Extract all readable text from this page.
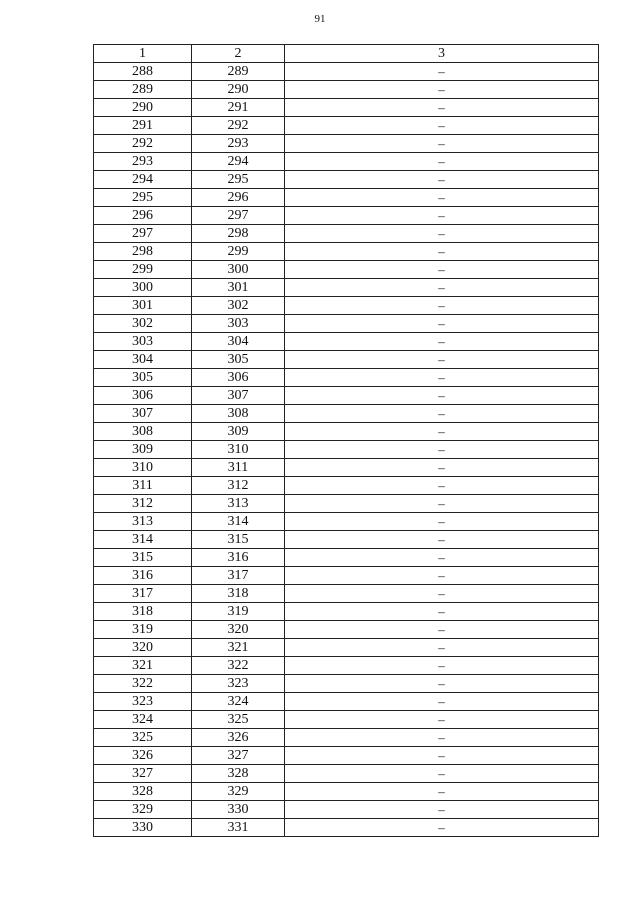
91
1	2	3
288	289	–
289	290	–
290	291	–
291	292	–
292	293	–
293	294	–
294	295	–
295	296	–
296	297	–
297	298	–
298	299	–
299	300	–
300	301	–
301	302	–
302	303	–
303	304	–
304	305	–
305	306	–
306	307	–
307	308	–
308	309	–
309	310	–
310	311	–
311	312	–
312	313	–
313	314	–
314	315	–
315	316	–
316	317	–
317	318	–
318	319	–
319	320	–
320	321	–
321	322	–
322	323	–
323	324	–
324	325	–
325	326	–
326	327	–
327	328	–
328	329	–
329	330	–
330	331	–
